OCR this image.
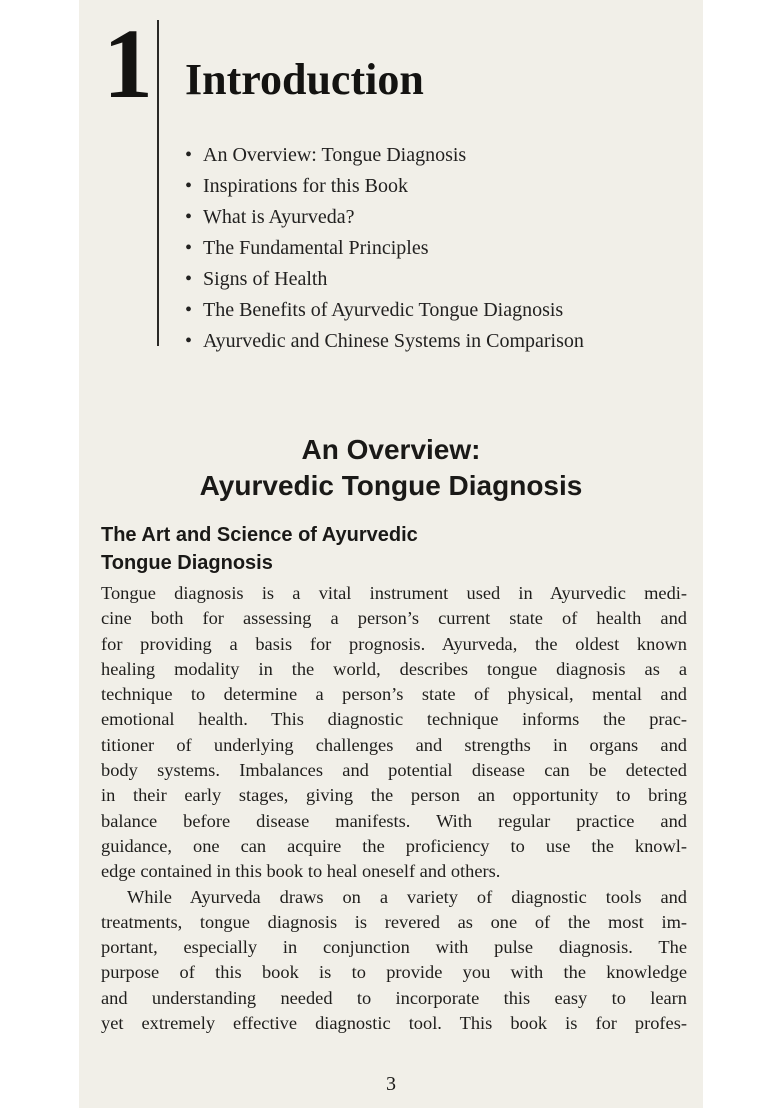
1 Introduction
• An Overview: Tongue Diagnosis
• Inspirations for this Book
• What is Ayurveda?
• The Fundamental Principles
• Signs of Health
• The Benefits of Ayurvedic Tongue Diagnosis
• Ayurvedic and Chinese Systems in Comparison
An Overview:
Ayurvedic Tongue Diagnosis
The Art and Science of Ayurvedic
Tongue Diagnosis
Tongue diagnosis is a vital instrument used in Ayurvedic medi-
cine both for assessing a person’s current state of health and
for providing a basis for prognosis. Ayurveda, the oldest known
healing modality in the world, describes tongue diagnosis as a
technique to determine a person’s state of physical, mental and
emotional health. This diagnostic technique informs the prac-
titioner of underlying challenges and strengths in organs and
body systems. Imbalances and potential disease can be detected
in their early stages, giving the person an opportunity to bring
balance before disease manifests. With regular practice and
guidance, one can acquire the proficiency to use the knowl-
edge contained in this book to heal oneself and others.
While Ayurveda draws on a variety of diagnostic tools and
treatments, tongue diagnosis is revered as one of the most im-
portant, especially in conjunction with pulse diagnosis. The
purpose of this book is to provide you with the knowledge
and understanding needed to incorporate this easy to learn
yet extremely effective diagnostic tool. This book is for profes-
3
